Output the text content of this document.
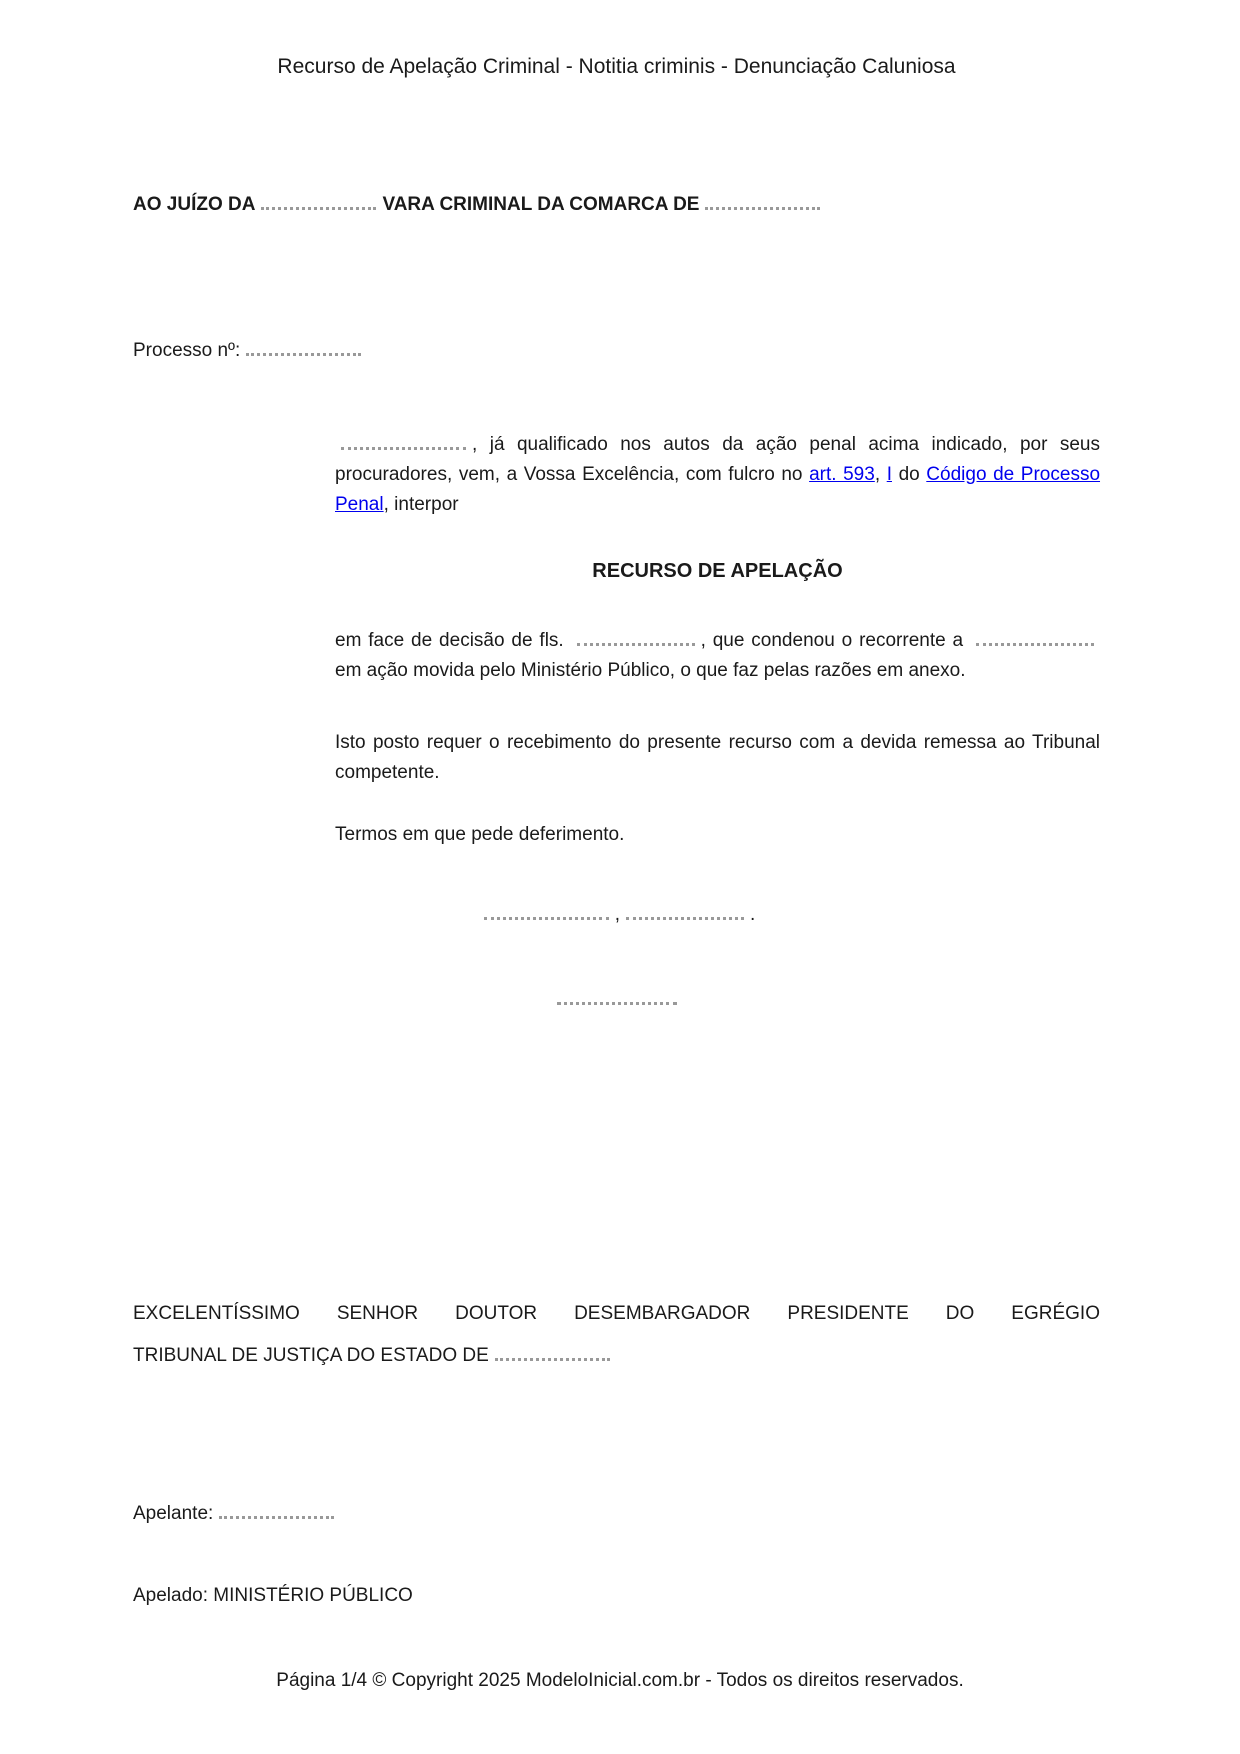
Recurso de Apelação Criminal - Notitia criminis - Denunciação Caluniosa
AO JUÍZO DA	VARA CRIMINAL DA COMARCA DE
Processo nº:

, já qualificado nos autos da ação penal acima indicado, por seus procuradores, vem, a Vossa Excelência, com fulcro no art. 593, I do Código de Processo Penal, interpor

RECURSO DE APELAÇÃO

em face de decisão de fls.	, que condenou o recorrente a  em ação movida pelo Ministério Público, o que faz pelas razões em anexo.

Isto posto requer o recebimento do presente recurso com a devida remessa ao Tribunal competente.

Termos em que pede deferimento.

,	.
EXCELENTÍSSIMO SENHOR DOUTOR DESEMBARGADOR PRESIDENTE DO EGRÉGIO
TRIBUNAL DE JUSTIÇA DO ESTADO DE
Apelante:
Apelado: MINISTÉRIO PÚBLICO
Página 1/4 © Copyright 2025 ModeloInicial.com.br - Todos os direitos reservados.
